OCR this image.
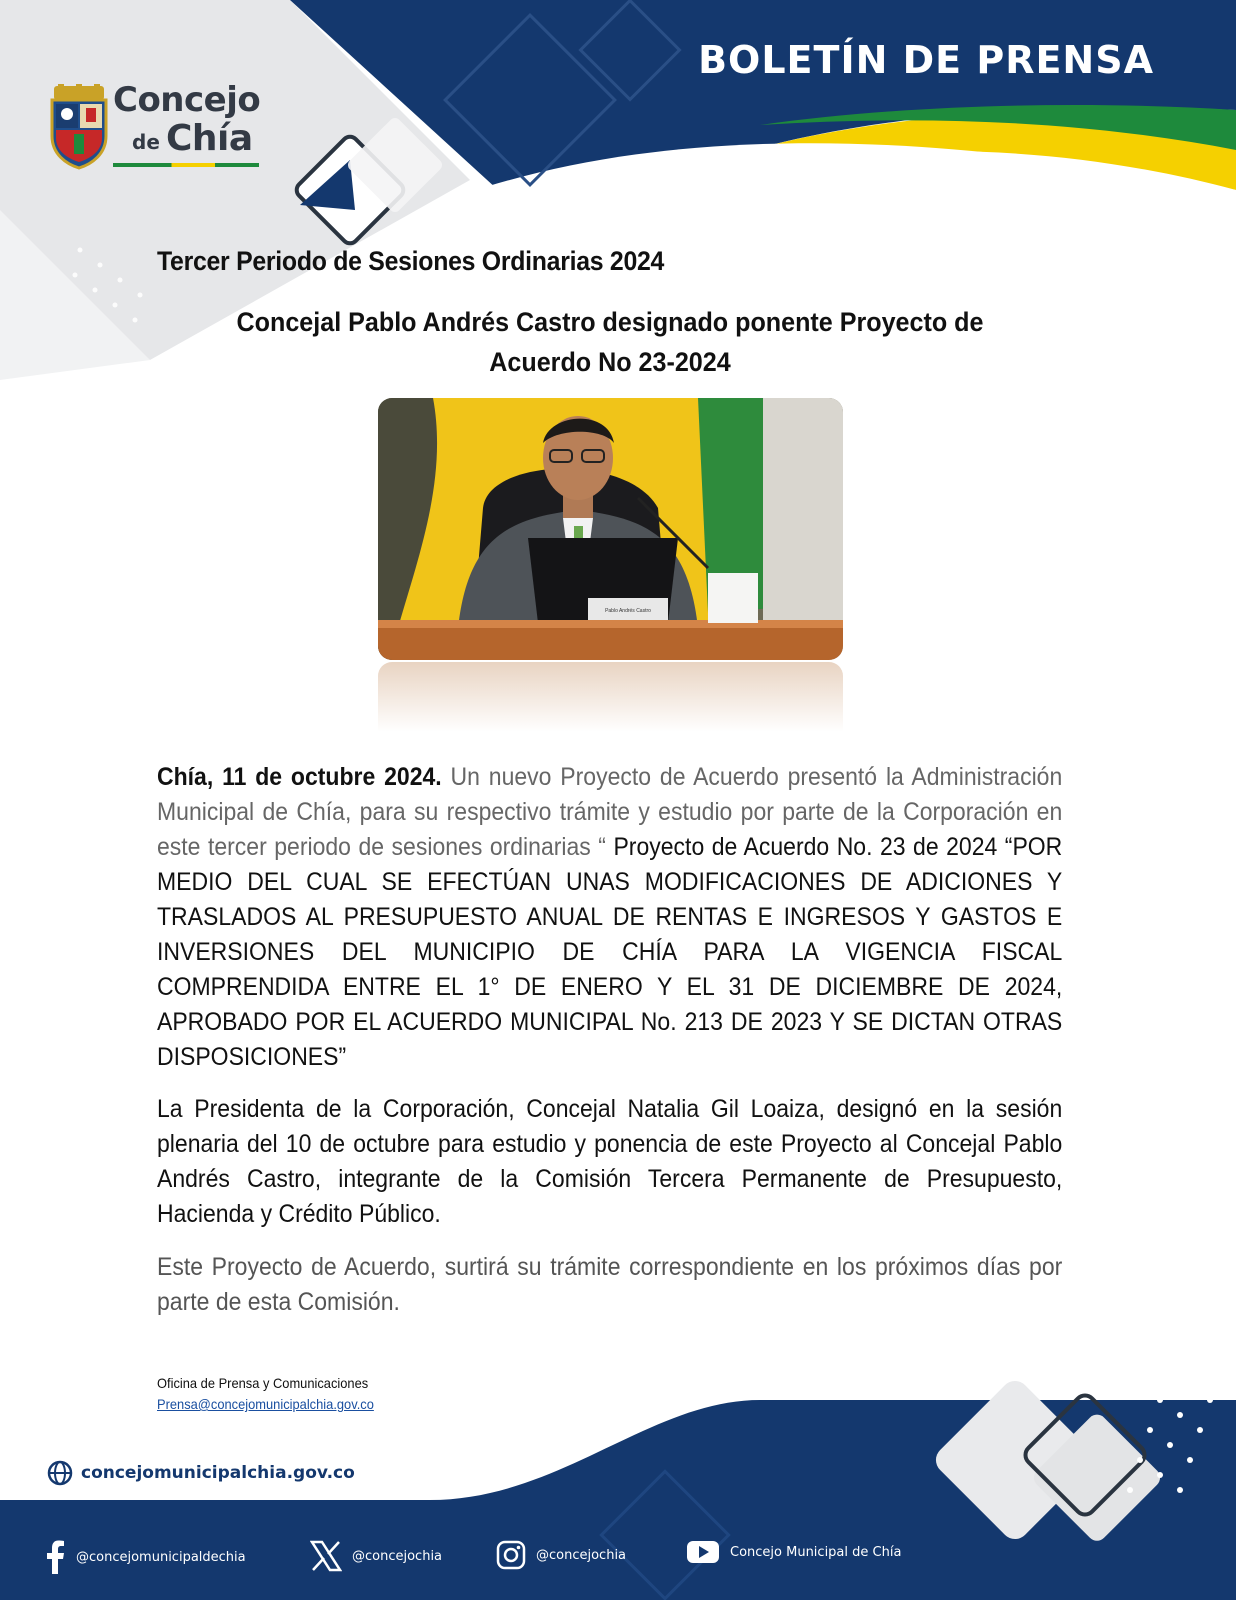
BOLETÍN DE PRENSA
Concejo
de Chía
Tercer Periodo de Sesiones Ordinarias 2024
Concejal Pablo Andrés Castro designado ponente Proyecto de
Acuerdo No 23-2024
Pablo Andrés Castro
Chía, 11 de octubre 2024. Un nuevo Proyecto de Acuerdo presentó la Administración Municipal de Chía, para su respectivo trámite y estudio por parte de la Corporación en este tercer periodo de sesiones ordinarias “ Proyecto de Acuerdo No. 23 de 2024 “POR MEDIO DEL CUAL SE EFECTÚAN UNAS MODIFICACIONES DE ADICIONES Y TRASLADOS AL PRESUPUESTO ANUAL DE RENTAS E INGRESOS Y GASTOS E INVERSIONES DEL MUNICIPIO DE CHÍA PARA LA VIGENCIA FISCAL COMPRENDIDA ENTRE EL 1° DE ENERO Y EL 31 DE DICIEMBRE DE 2024, APROBADO POR EL ACUERDO MUNICIPAL No. 213 DE 2023 Y SE DICTAN OTRAS DISPOSICIONES”
La Presidenta de la Corporación, Concejal Natalia Gil Loaiza, designó en la sesión plenaria del 10 de octubre para estudio y ponencia de este Proyecto al Concejal Pablo Andrés Castro, integrante de la Comisión Tercera Permanente de Presupuesto, Hacienda y Crédito Público.
Este Proyecto de Acuerdo, surtirá su trámite correspondiente en los próximos días por parte de esta Comisión.
Oficina de Prensa y Comunicaciones
Prensa@concejomunicipalchia.gov.co
concejomunicipalchia.gov.co
@concejomunicipaldechia	@concejochia	@concejochia	Concejo Municipal de Chía
